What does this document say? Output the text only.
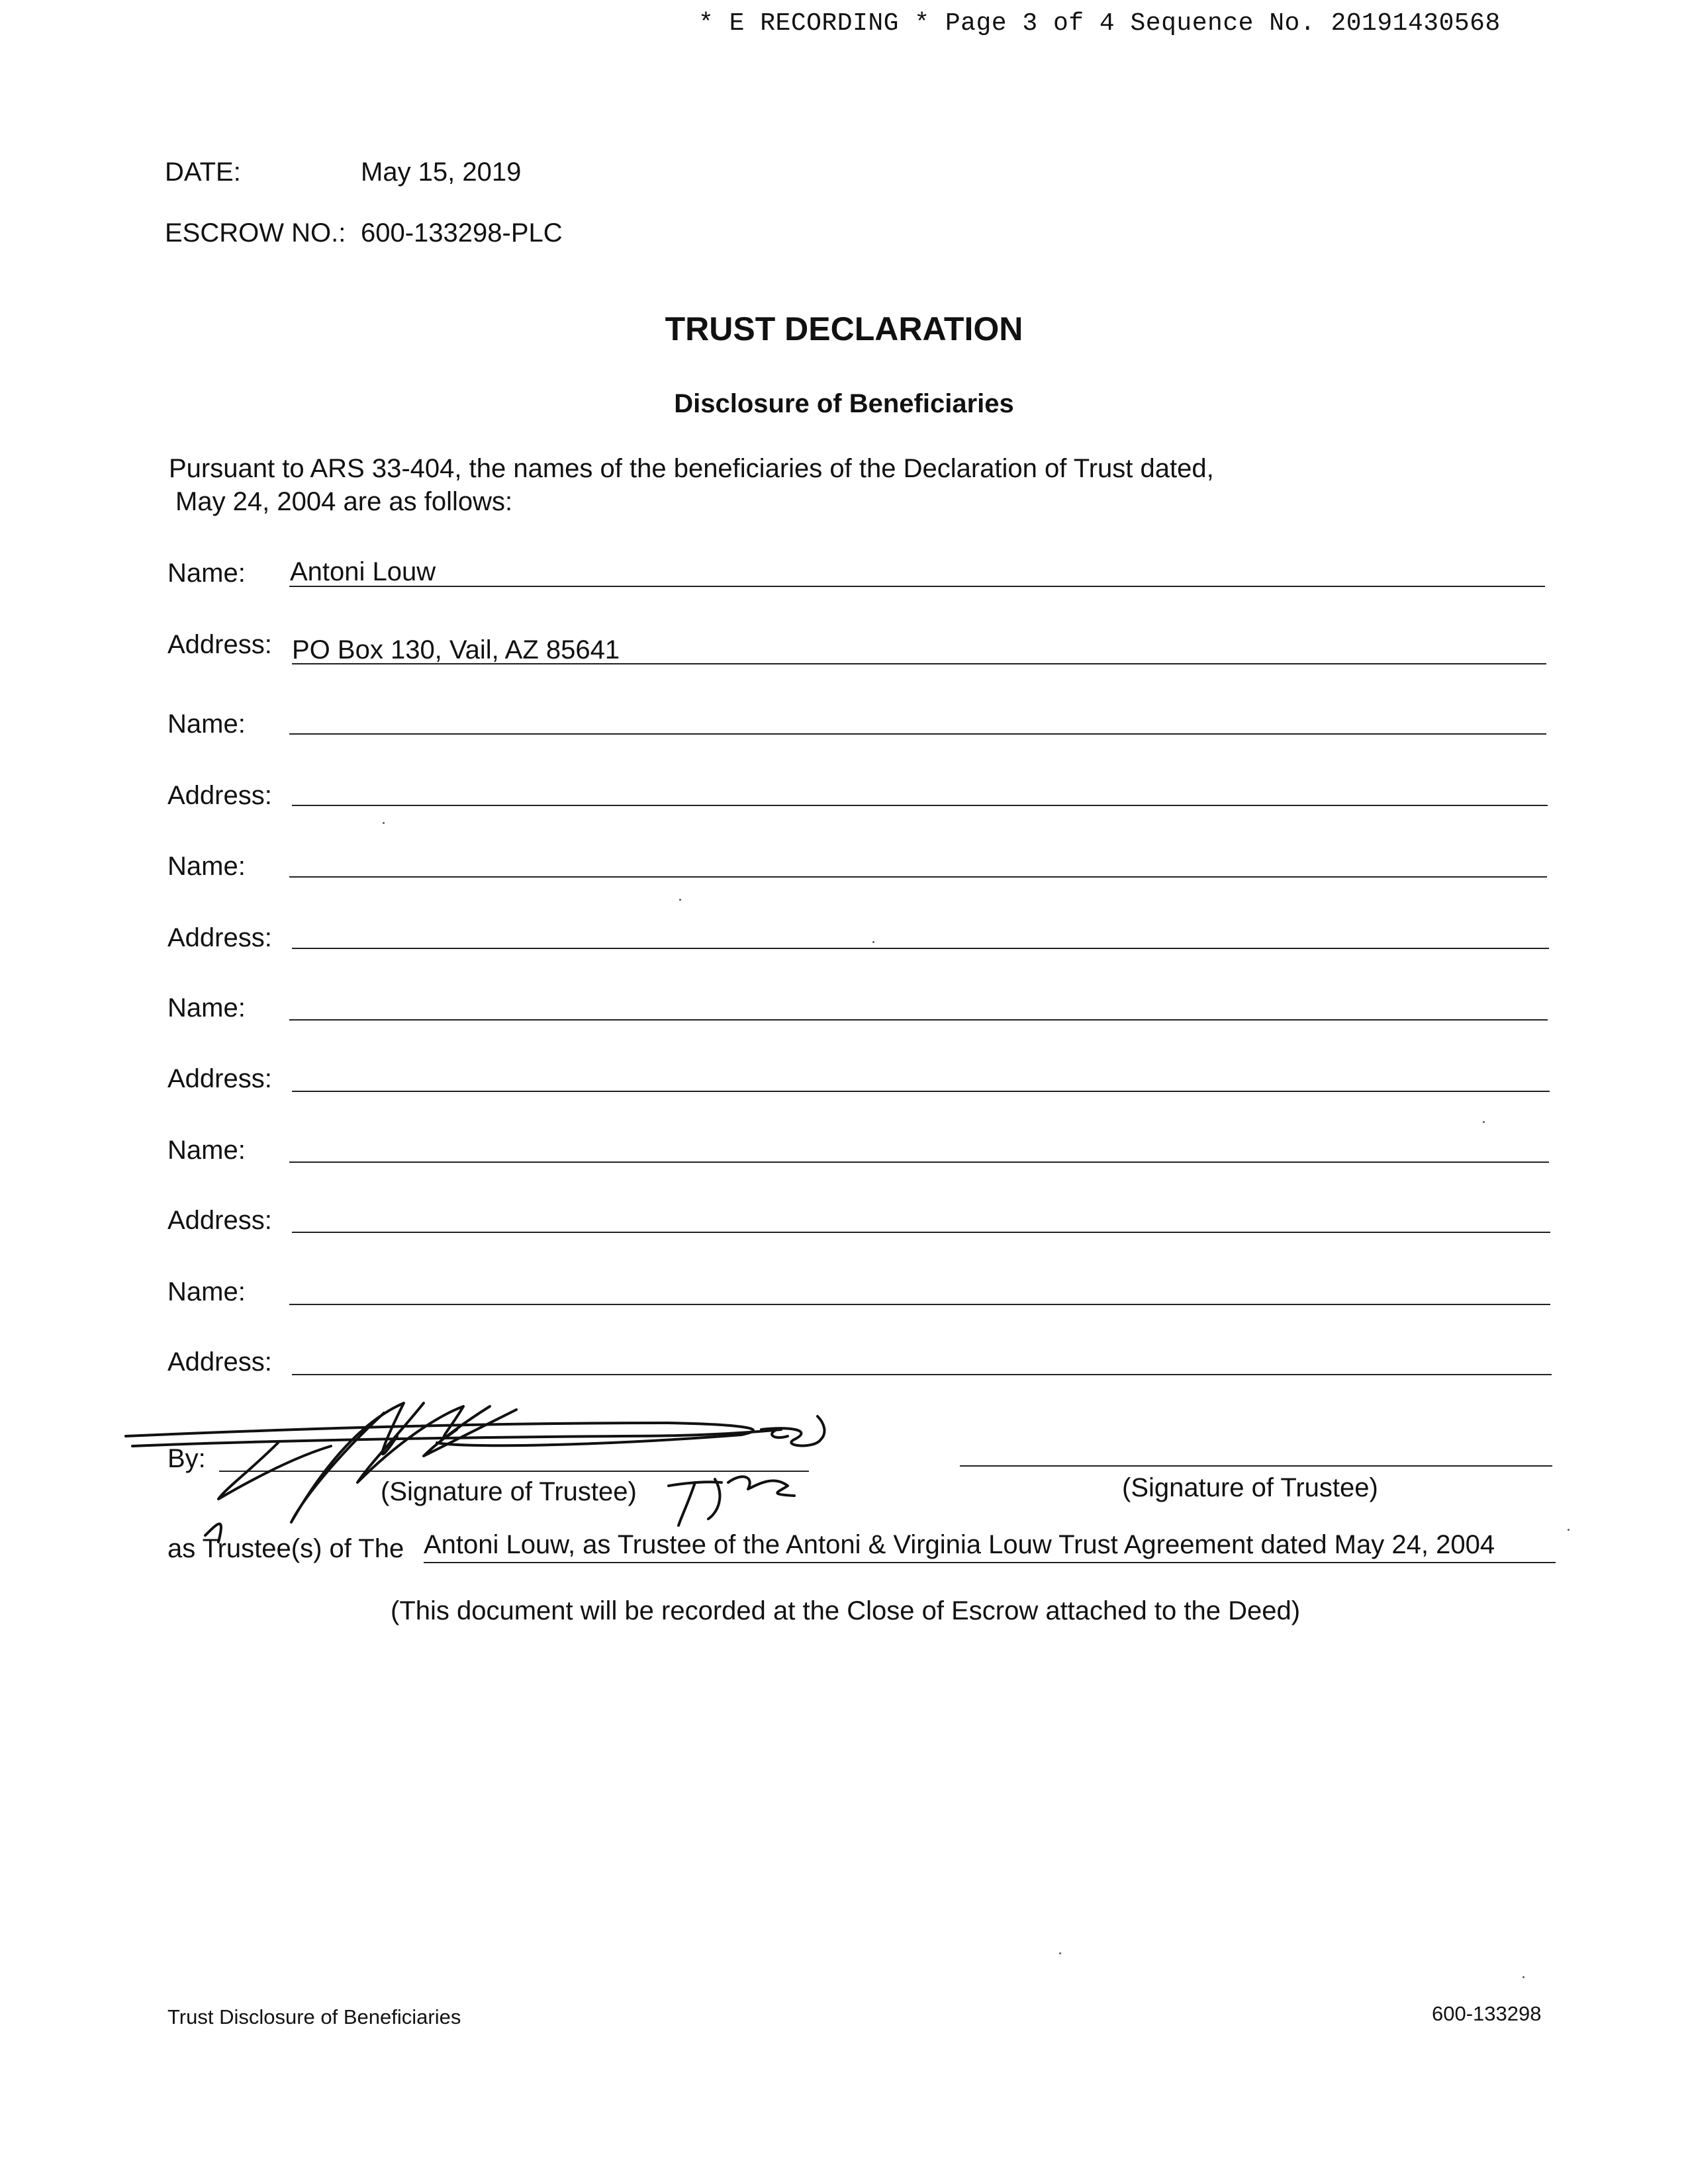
* E RECORDING * Page 3 of 4 Sequence No. 20191430568
DATE:	May 15, 2019
ESCROW NO.: 600-133298-PLC
TRUST DECLARATION
Disclosure of Beneficiaries
Pursuant to ARS 33-404, the names of the beneficiaries of the Declaration of Trust dated,
May 24, 2004 are as follows:
Name: Antoni Louw
Address: PO Box 130, Vail, AZ 85641
Name:
Address:
Name:
Address:
Name:
Address:
Name:
Address:
Name:
Address:
By:
(Signature of Trustee)	(Signature of Trustee)
as Trustee(s) of The Antoni Louw, as Trustee of the Antoni & Virginia Louw Trust Agreement dated May 24, 2004
(This document will be recorded at the Close of Escrow attached to the Deed)
Trust Disclosure of Beneficiaries	600-133298
